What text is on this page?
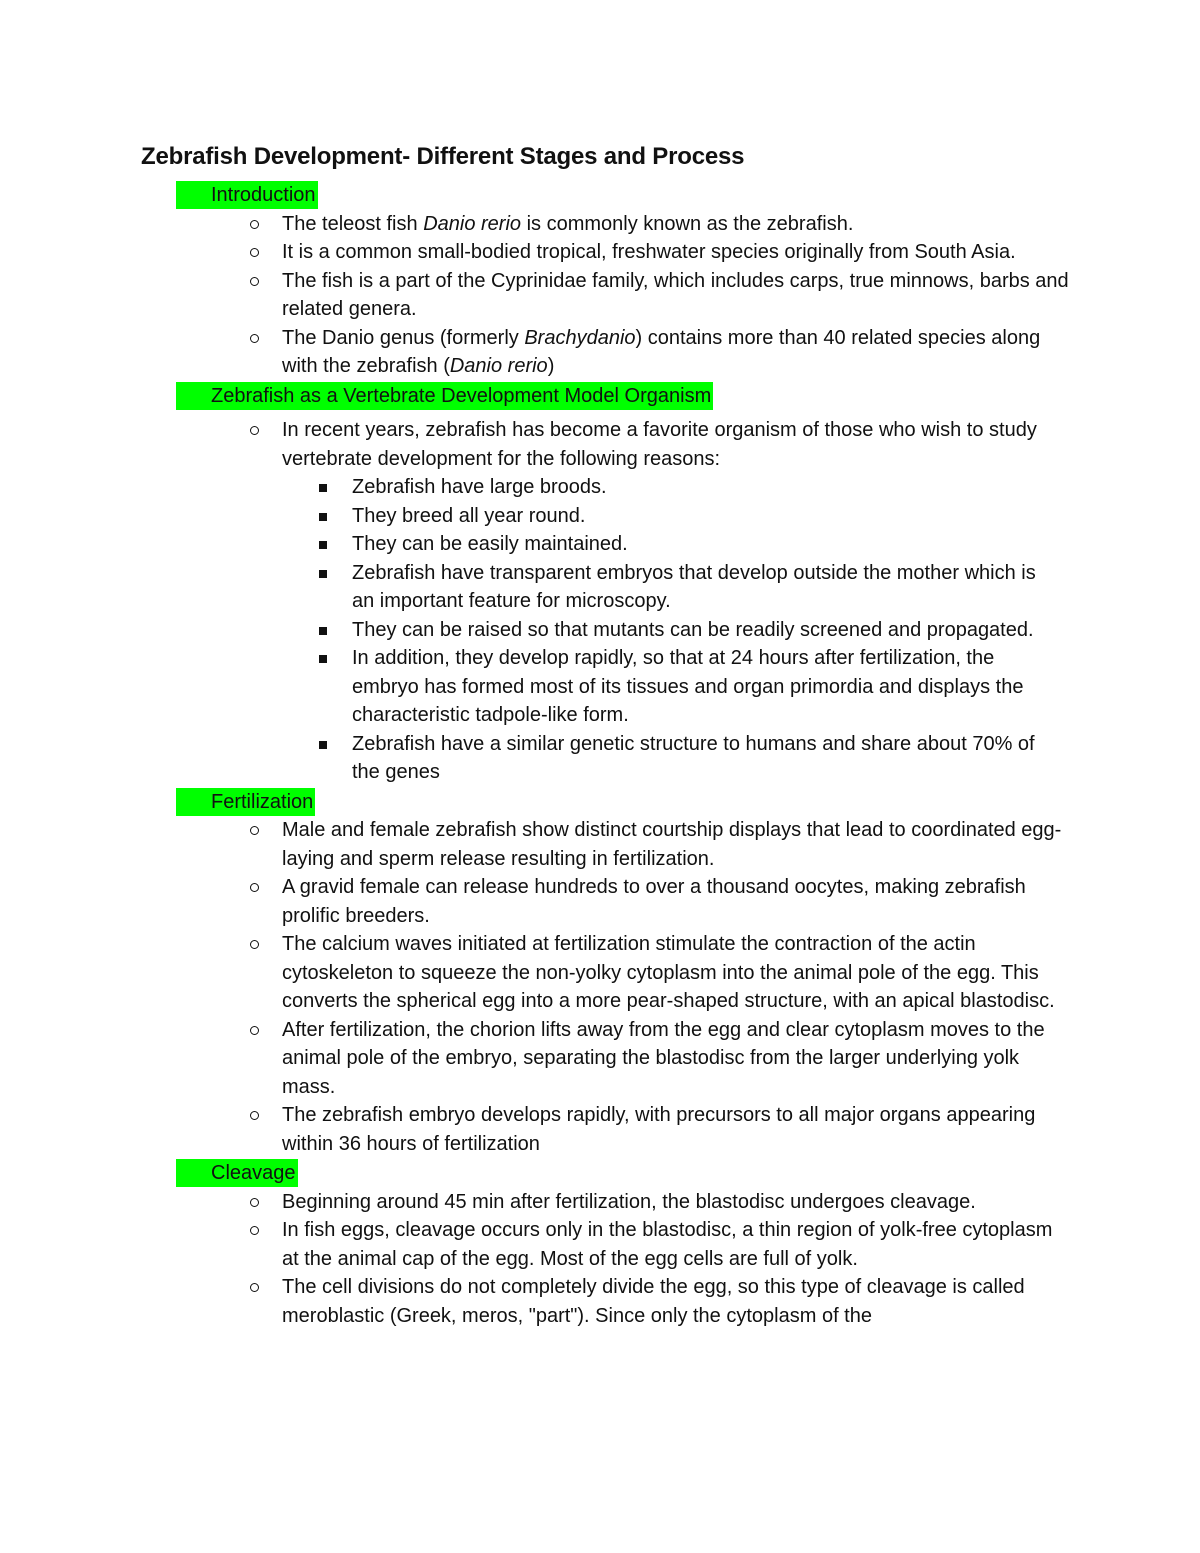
Zebrafish Development- Different Stages and Process
Introduction
The teleost fish Danio rerio is commonly known as the zebrafish.
It is a common small-bodied tropical, freshwater species originally from South Asia.
The fish is a part of the Cyprinidae family, which includes carps, true minnows, barbs and related genera.
The Danio genus (formerly Brachydanio) contains more than 40 related species along with the zebrafish (Danio rerio)
Zebrafish as a Vertebrate Development Model Organism
In recent years, zebrafish has become a favorite organism of those who wish to study vertebrate development for the following reasons:
Zebrafish have large broods.
They breed all year round.
They can be easily maintained.
Zebrafish have transparent embryos that develop outside the mother which is an important feature for microscopy.
They can be raised so that mutants can be readily screened and propagated.
In addition, they develop rapidly, so that at 24 hours after fertilization, the embryo has formed most of its tissues and organ primordia and displays the characteristic tadpole-like form.
Zebrafish have a similar genetic structure to humans and share about 70% of the genes
Fertilization
Male and female zebrafish show distinct courtship displays that lead to coordinated egg-laying and sperm release resulting in fertilization.
A gravid female can release hundreds to over a thousand oocytes, making zebrafish prolific breeders.
The calcium waves initiated at fertilization stimulate the contraction of the actin cytoskeleton to squeeze the non-yolky cytoplasm into the animal pole of the egg. This converts the spherical egg into a more pear-shaped structure, with an apical blastodisc.
After fertilization, the chorion lifts away from the egg and clear cytoplasm moves to the animal pole of the embryo, separating the blastodisc from the larger underlying yolk mass.
The zebrafish embryo develops rapidly, with precursors to all major organs appearing within 36 hours of fertilization
Cleavage
Beginning around 45 min after fertilization, the blastodisc undergoes cleavage.
In fish eggs, cleavage occurs only in the blastodisc, a thin region of yolk-free cytoplasm at the animal cap of the egg. Most of the egg cells are full of yolk.
The cell divisions do not completely divide the egg, so this type of cleavage is called meroblastic (Greek, meros, "part"). Since only the cytoplasm of the
